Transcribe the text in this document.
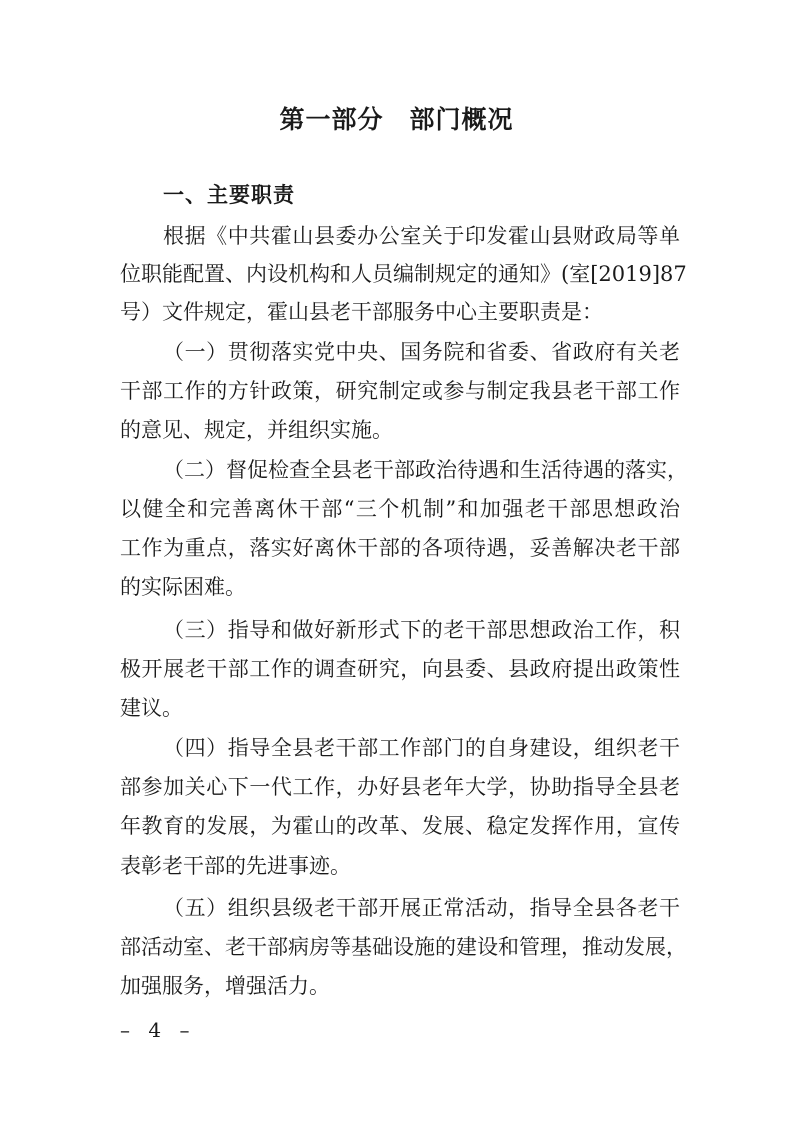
第一部分　部门概况
一、主要职责
根据《中共霍山县委办公室关于印发霍山县财政局等单
位职能配置、内设机构和人员编制规定的通知》(室[2019]87
号）文件规定，霍山县老干部服务中心主要职责是：
（一）贯彻落实党中央、国务院和省委、省政府有关老
干部工作的方针政策，研究制定或参与制定我县老干部工作
的意见、规定，并组织实施。
（二）督促检查全县老干部政治待遇和生活待遇的落实，
以健全和完善离休干部“三个机制”和加强老干部思想政治
工作为重点，落实好离休干部的各项待遇，妥善解决老干部
的实际困难。
（三）指导和做好新形式下的老干部思想政治工作，积
极开展老干部工作的调查研究，向县委、县政府提出政策性
建议。
（四）指导全县老干部工作部门的自身建设，组织老干
部参加关心下一代工作，办好县老年大学，协助指导全县老
年教育的发展，为霍山的改革、发展、稳定发挥作用，宣传
表彰老干部的先进事迹。
（五）组织县级老干部开展正常活动，指导全县各老干
部活动室、老干部病房等基础设施的建设和管理，推动发展，
加强服务，增强活力。
– 4 –
